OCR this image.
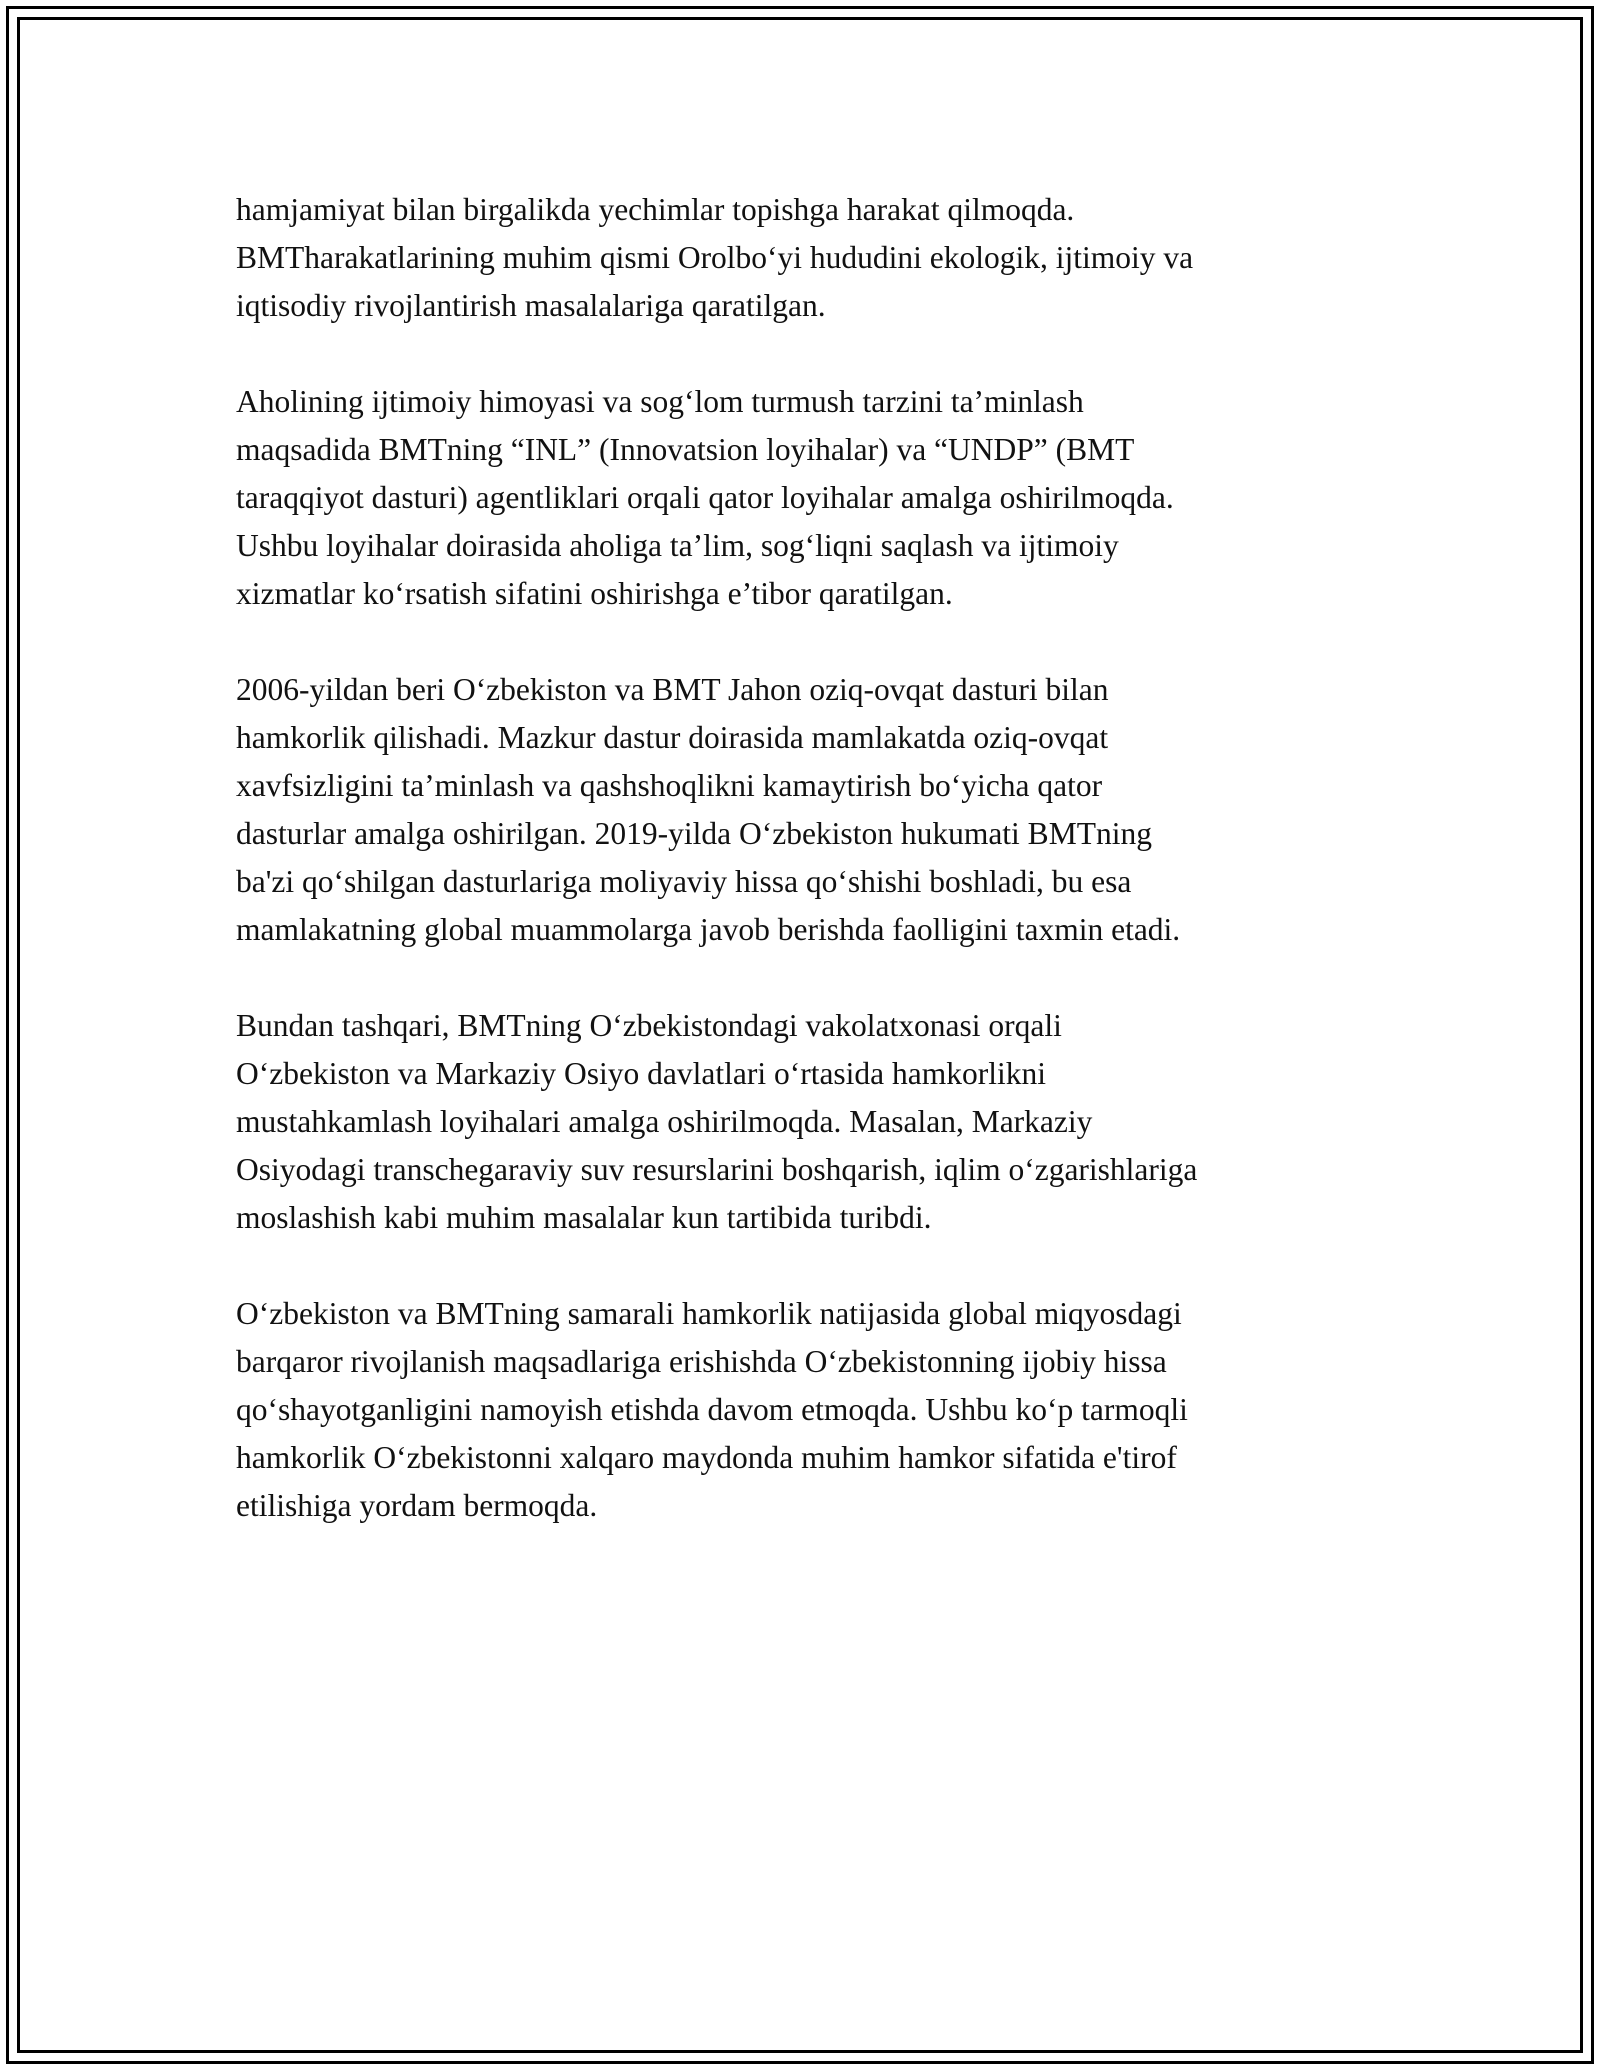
hamjamiyat bilan birgalikda yechimlar topishga harakat qilmoqda.
BMTharakatlarining muhim qismi Orolbo‘yi hududini ekologik, ijtimoiy va
iqtisodiy rivojlantirish masalalariga qaratilgan.

Aholining ijtimoiy himoyasi va sog‘lom turmush tarzini ta’minlash
maqsadida BMTning “INL” (Innovatsion loyihalar) va “UNDP” (BMT
taraqqiyot dasturi) agentliklari orqali qator loyihalar amalga oshirilmoqda.
Ushbu loyihalar doirasida aholiga ta’lim, sog‘liqni saqlash va ijtimoiy
xizmatlar ko‘rsatish sifatini oshirishga e’tibor qaratilgan.

2006-yildan beri O‘zbekiston va BMT Jahon oziq-ovqat dasturi bilan
hamkorlik qilishadi. Mazkur dastur doirasida mamlakatda oziq-ovqat
xavfsizligini ta’minlash va qashshoqlikni kamaytirish bo‘yicha qator
dasturlar amalga oshirilgan. 2019-yilda O‘zbekiston hukumati BMTning
ba'zi qo‘shilgan dasturlariga moliyaviy hissa qo‘shishi boshladi, bu esa
mamlakatning global muammolarga javob berishda faolligini taxmin etadi.

Bundan tashqari, BMTning O‘zbekistondagi vakolatxonasi orqali
O‘zbekiston va Markaziy Osiyo davlatlari o‘rtasida hamkorlikni
mustahkamlash loyihalari amalga oshirilmoqda. Masalan, Markaziy
Osiyodagi transchegaraviy suv resurslarini boshqarish, iqlim o‘zgarishlariga
moslashish kabi muhim masalalar kun tartibida turibdi.

O‘zbekiston va BMTning samarali hamkorlik natijasida global miqyosdagi
barqaror rivojlanish maqsadlariga erishishda O‘zbekistonning ijobiy hissa
qo‘shayotganligini namoyish etishda davom etmoqda. Ushbu ko‘p tarmoqli
hamkorlik O‘zbekistonni xalqaro maydonda muhim hamkor sifatida e'tirof
etilishiga yordam bermoqda.
